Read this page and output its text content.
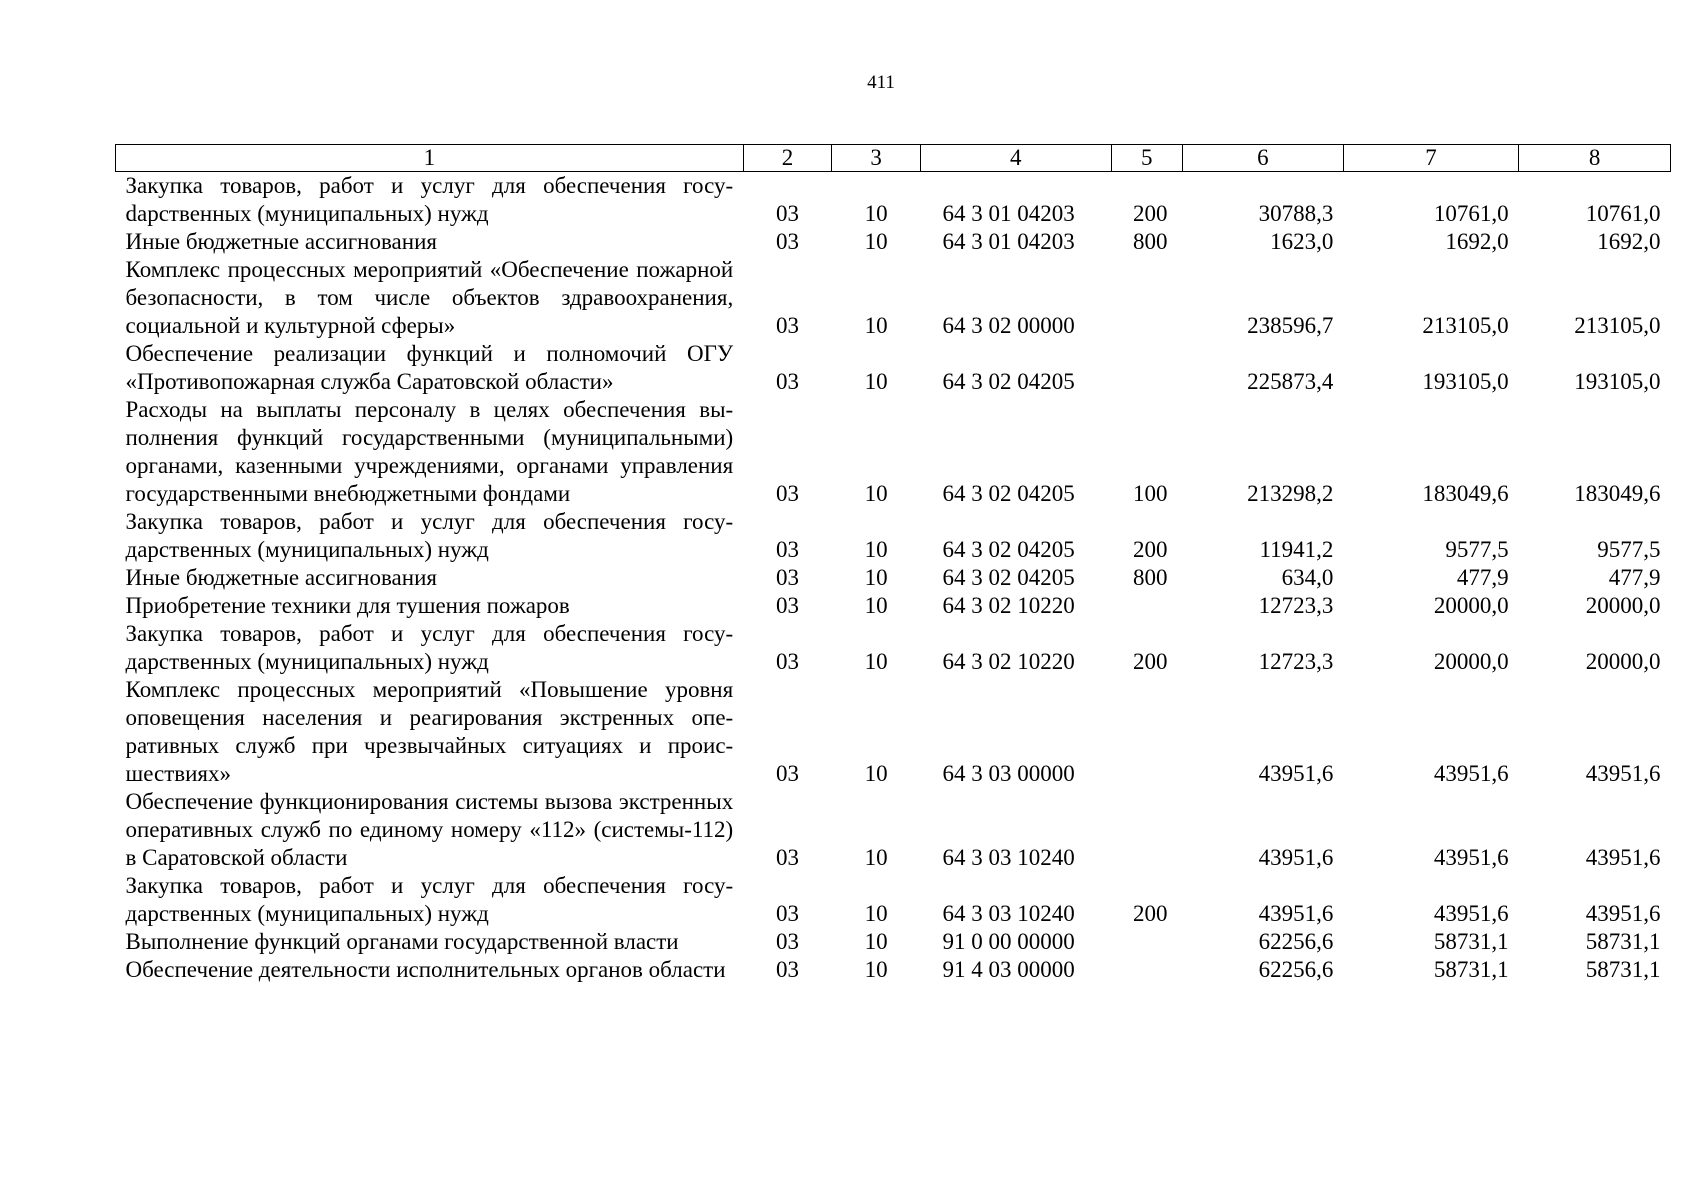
411
1	2	3	4	5	6	7	8
Закупка товаров, работ и услуг для обеспечения госуdарственных (муниципальных) нужд	03	10	64 3 01 04203	200	30788,3	10761,0	10761,0
Иные бюджетные ассигнования	03	10	64 3 01 04203	800	1623,0	1692,0	1692,0
Комплекс процессных мероприятий «Обеспечение пожарной безопасности, в том числе объектов здравоохранения, социальной и культурной сферы»	03	10	64 3 02 00000		238596,7	213105,0	213105,0
Обеспечение реализации функций и полномочий ОГУ «Противопожарная служба Саратовской области»	03	10	64 3 02 04205		225873,4	193105,0	193105,0
Расходы на выплаты персоналу в целях обеспечения выполнения функций государственными (муниципальными) органами, казенными учреждениями, органами управления государственными внебюджетными фондами	03	10	64 3 02 04205	100	213298,2	183049,6	183049,6
Закупка товаров, работ и услуг для обеспечения государственных (муниципальных) нужд	03	10	64 3 02 04205	200	11941,2	9577,5	9577,5
Иные бюджетные ассигнования	03	10	64 3 02 04205	800	634,0	477,9	477,9
Приобретение техники для тушения пожаров	03	10	64 3 02 10220		12723,3	20000,0	20000,0
Закупка товаров, работ и услуг для обеспечения государственных (муниципальных) нужд	03	10	64 3 02 10220	200	12723,3	20000,0	20000,0
Комплекс процессных мероприятий «Повышение уровня оповещения населения и реагирования экстренных оперативных служб при чрезвычайных ситуациях и происшествиях»	03	10	64 3 03 00000		43951,6	43951,6	43951,6
Обеспечение функционирования системы вызова экстренных оперативных служб по единому номеру «112» (системы-112) в Саратовской области	03	10	64 3 03 10240		43951,6	43951,6	43951,6
Закупка товаров, работ и услуг для обеспечения государственных (муниципальных) нужд	03	10	64 3 03 10240	200	43951,6	43951,6	43951,6
Выполнение функций органами государственной власти	03	10	91 0 00 00000		62256,6	58731,1	58731,1
Обеспечение деятельности исполнительных органов области	03	10	91 4 03 00000		62256,6	58731,1	58731,1
